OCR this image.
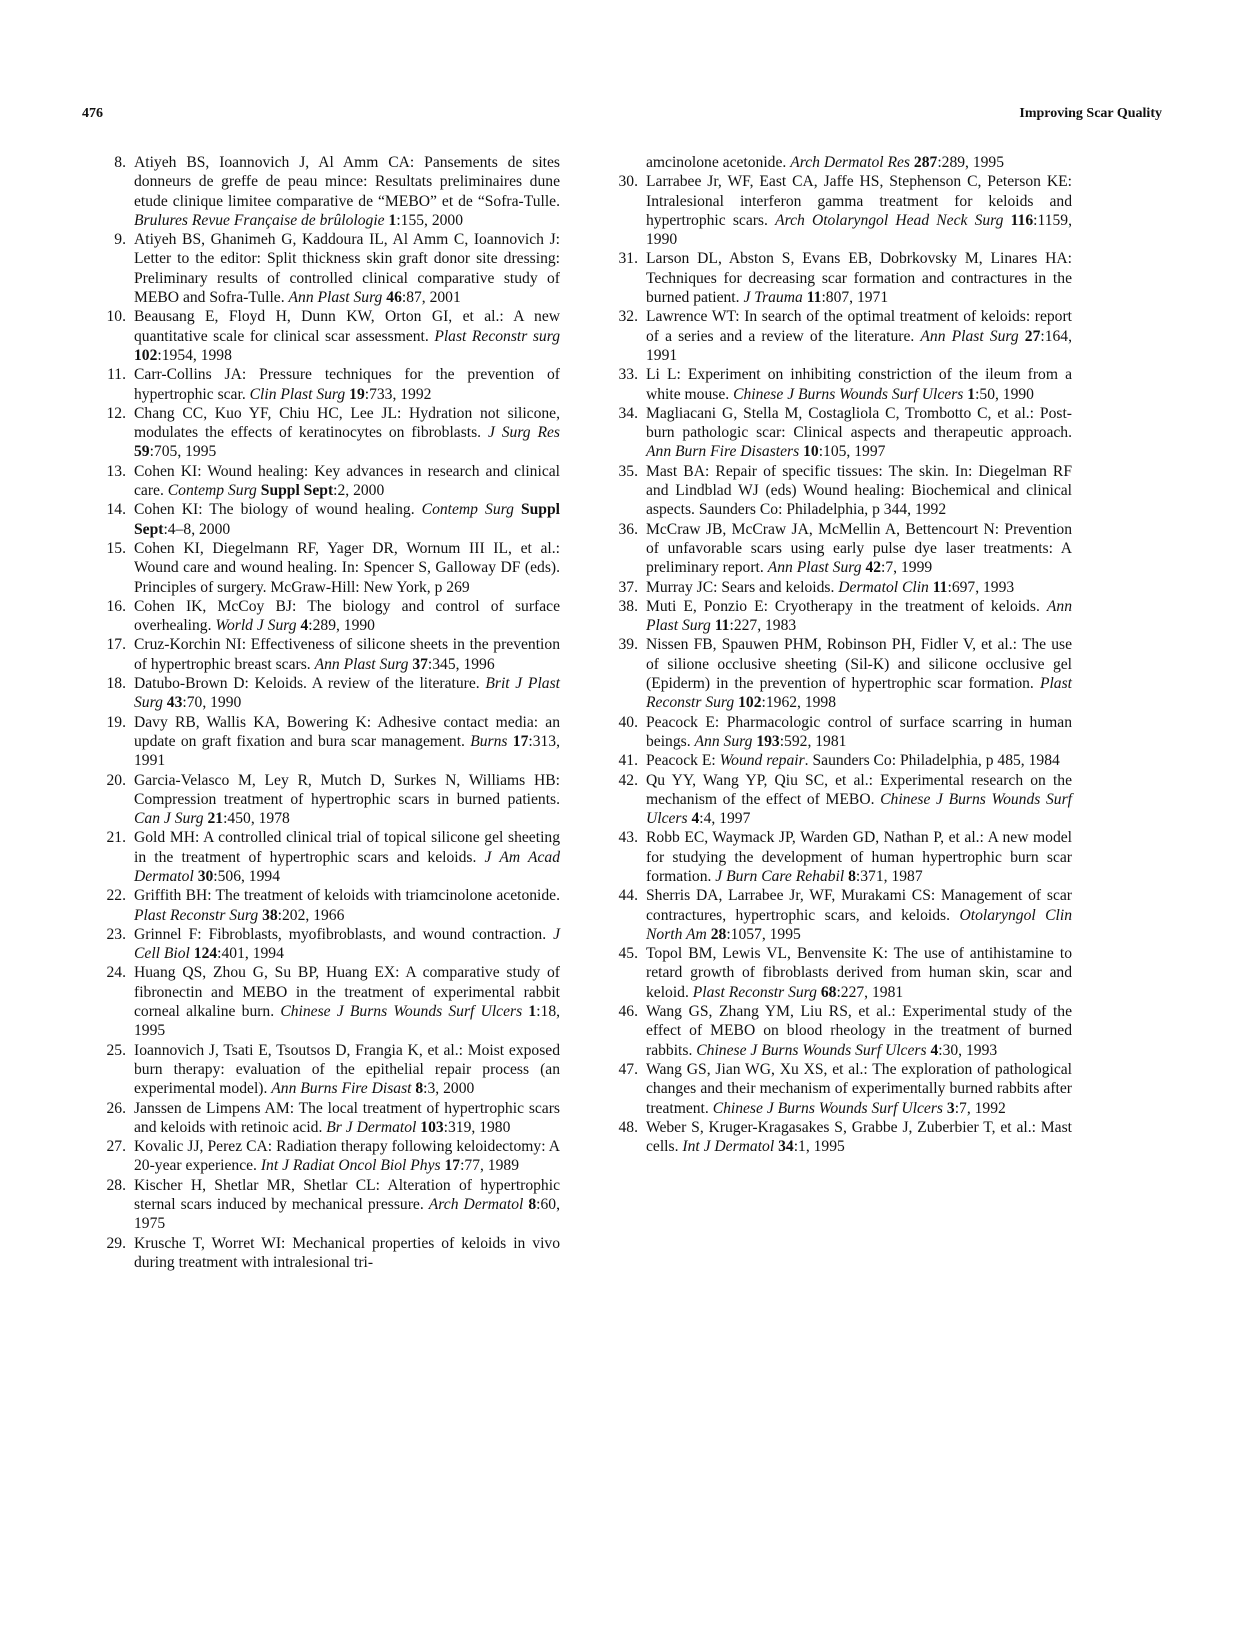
476	Improving Scar Quality
8. Atiyeh BS, Ioannovich J, Al Amm CA: Pansements de sites donneurs de greffe de peau mince: Resultats preliminaires dune etude clinique limitee comparative de “MEBO” et de “Sofra-Tulle. Brulures Revue Française de brûlologie 1:155, 2000
9. Atiyeh BS, Ghanimeh G, Kaddoura IL, Al Amm C, Ioannovich J: Letter to the editor: Split thickness skin graft donor site dressing: Preliminary results of controlled clinical comparative study of MEBO and Sofra-Tulle. Ann Plast Surg 46:87, 2001
10. Beausang E, Floyd H, Dunn KW, Orton GI, et al.: A new quantitative scale for clinical scar assessment. Plast Reconstr surg 102:1954, 1998
11. Carr-Collins JA: Pressure techniques for the prevention of hypertrophic scar. Clin Plast Surg 19:733, 1992
12. Chang CC, Kuo YF, Chiu HC, Lee JL: Hydration not silicone, modulates the effects of keratinocytes on fibroblasts. J Surg Res 59:705, 1995
13. Cohen KI: Wound healing: Key advances in research and clinical care. Contemp Surg Suppl Sept:2, 2000
14. Cohen KI: The biology of wound healing. Contemp Surg Suppl Sept:4–8, 2000
15. Cohen KI, Diegelmann RF, Yager DR, Wornum III IL, et al.: Wound care and wound healing. In: Spencer S, Galloway DF (eds). Principles of surgery. McGraw-Hill: New York, p 269
16. Cohen IK, McCoy BJ: The biology and control of surface overhealing. World J Surg 4:289, 1990
17. Cruz-Korchin NI: Effectiveness of silicone sheets in the prevention of hypertrophic breast scars. Ann Plast Surg 37:345, 1996
18. Datubo-Brown D: Keloids. A review of the literature. Brit J Plast Surg 43:70, 1990
19. Davy RB, Wallis KA, Bowering K: Adhesive contact media: an update on graft fixation and bura scar management. Burns 17:313, 1991
20. Garcia-Velasco M, Ley R, Mutch D, Surkes N, Williams HB: Compression treatment of hypertrophic scars in burned patients. Can J Surg 21:450, 1978
21. Gold MH: A controlled clinical trial of topical silicone gel sheeting in the treatment of hypertrophic scars and keloids. J Am Acad Dermatol 30:506, 1994
22. Griffith BH: The treatment of keloids with triamcinolone acetonide. Plast Reconstr Surg 38:202, 1966
23. Grinnel F: Fibroblasts, myofibroblasts, and wound contraction. J Cell Biol 124:401, 1994
24. Huang QS, Zhou G, Su BP, Huang EX: A comparative study of fibronectin and MEBO in the treatment of experimental rabbit corneal alkaline burn. Chinese J Burns Wounds Surf Ulcers 1:18, 1995
25. Ioannovich J, Tsati E, Tsoutsos D, Frangia K, et al.: Moist exposed burn therapy: evaluation of the epithelial repair process (an experimental model). Ann Burns Fire Disast 8:3, 2000
26. Janssen de Limpens AM: The local treatment of hypertrophic scars and keloids with retinoic acid. Br J Dermatol 103:319, 1980
27. Kovalic JJ, Perez CA: Radiation therapy following keloidectomy: A 20-year experience. Int J Radiat Oncol Biol Phys 17:77, 1989
28. Kischer H, Shetlar MR, Shetlar CL: Alteration of hypertrophic sternal scars induced by mechanical pressure. Arch Dermatol 8:60, 1975
29. Krusche T, Worret WI: Mechanical properties of keloids in vivo during treatment with intralesional tri-
amcinolone acetonide. Arch Dermatol Res 287:289, 1995
30. Larrabee Jr, WF, East CA, Jaffe HS, Stephenson C, Peterson KE: Intralesional interferon gamma treatment for keloids and hypertrophic scars. Arch Otolaryngol Head Neck Surg 116:1159, 1990
31. Larson DL, Abston S, Evans EB, Dobrkovsky M, Linares HA: Techniques for decreasing scar formation and contractures in the burned patient. J Trauma 11:807, 1971
32. Lawrence WT: In search of the optimal treatment of keloids: report of a series and a review of the literature. Ann Plast Surg 27:164, 1991
33. Li L: Experiment on inhibiting constriction of the ileum from a white mouse. Chinese J Burns Wounds Surf Ulcers 1:50, 1990
34. Magliacani G, Stella M, Costagliola C, Trombotto C, et al.: Post-burn pathologic scar: Clinical aspects and therapeutic approach. Ann Burn Fire Disasters 10:105, 1997
35. Mast BA: Repair of specific tissues: The skin. In: Diegelman RF and Lindblad WJ (eds) Wound healing: Biochemical and clinical aspects. Saunders Co: Philadelphia, p 344, 1992
36. McCraw JB, McCraw JA, McMellin A, Bettencourt N: Prevention of unfavorable scars using early pulse dye laser treatments: A preliminary report. Ann Plast Surg 42:7, 1999
37. Murray JC: Sears and keloids. Dermatol Clin 11:697, 1993
38. Muti E, Ponzio E: Cryotherapy in the treatment of keloids. Ann Plast Surg 11:227, 1983
39. Nissen FB, Spauwen PHM, Robinson PH, Fidler V, et al.: The use of silione occlusive sheeting (Sil-K) and silicone occlusive gel (Epiderm) in the prevention of hypertrophic scar formation. Plast Reconstr Surg 102:1962, 1998
40. Peacock E: Pharmacologic control of surface scarring in human beings. Ann Surg 193:592, 1981
41. Peacock E: Wound repair. Saunders Co: Philadelphia, p 485, 1984
42. Qu YY, Wang YP, Qiu SC, et al.: Experimental research on the mechanism of the effect of MEBO. Chinese J Burns Wounds Surf Ulcers 4:4, 1997
43. Robb EC, Waymack JP, Warden GD, Nathan P, et al.: A new model for studying the development of human hypertrophic burn scar formation. J Burn Care Rehabil 8:371, 1987
44. Sherris DA, Larrabee Jr, WF, Murakami CS: Management of scar contractures, hypertrophic scars, and keloids. Otolaryngol Clin North Am 28:1057, 1995
45. Topol BM, Lewis VL, Benvensite K: The use of antihistamine to retard growth of fibroblasts derived from human skin, scar and keloid. Plast Reconstr Surg 68:227, 1981
46. Wang GS, Zhang YM, Liu RS, et al.: Experimental study of the effect of MEBO on blood rheology in the treatment of burned rabbits. Chinese J Burns Wounds Surf Ulcers 4:30, 1993
47. Wang GS, Jian WG, Xu XS, et al.: The exploration of pathological changes and their mechanism of experimentally burned rabbits after treatment. Chinese J Burns Wounds Surf Ulcers 3:7, 1992
48. Weber S, Kruger-Kragasakes S, Grabbe J, Zuberbier T, et al.: Mast cells. Int J Dermatol 34:1, 1995
